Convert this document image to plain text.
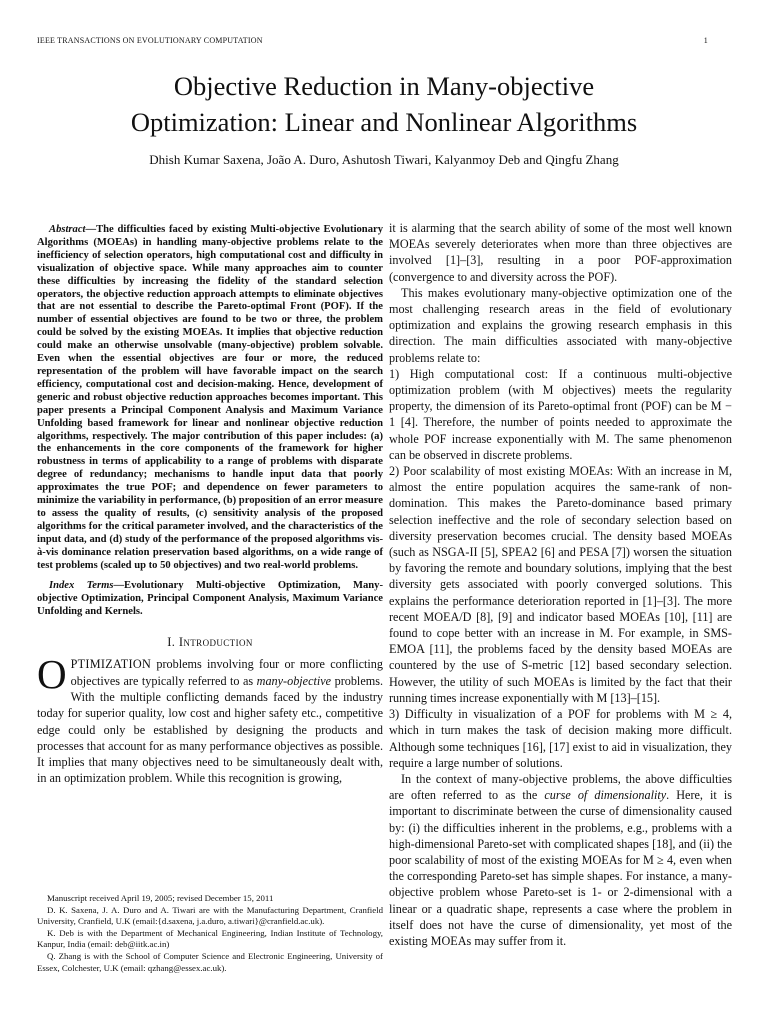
IEEE TRANSACTIONS ON EVOLUTIONARY COMPUTATION	1
Objective Reduction in Many-objective
Optimization: Linear and Nonlinear Algorithms
Dhish Kumar Saxena, João A. Duro, Ashutosh Tiwari, Kalyanmoy Deb and Qingfu Zhang

Abstract—The difficulties faced by existing Multi-objective Evolutionary Algorithms (MOEAs) in handling many-objective problems relate to the inefficiency of selection operators, high computational cost and difficulty in visualization of objective space. While many approaches aim to counter these difficulties by increasing the fidelity of the standard selection operators, the objective reduction approach attempts to eliminate objectives that are not essential to describe the Pareto-optimal Front (POF). If the number of essential objectives are found to be two or three, the problem could be solved by the existing MOEAs. It implies that objective reduction could make an otherwise unsolvable (many-objective) problem solvable. Even when the essential objectives are four or more, the reduced representation of the problem will have favorable impact on the search efficiency, computational cost and decision-making. Hence, development of generic and robust objective reduction approaches becomes important. This paper presents a Principal Component Analysis and Maximum Variance Unfolding based framework for linear and nonlinear objective reduction algorithms, respectively. The major contribution of this paper includes: (a) the enhancements in the core components of the framework for higher robustness in terms of applicability to a range of problems with disparate degree of redundancy; mechanisms to handle input data that poorly approximates the true POF; and dependence on fewer parameters to minimize the variability in performance, (b) proposition of an error measure to assess the quality of results, (c) sensitivity analysis of the proposed algorithms for the critical parameter involved, and the characteristics of the input data, and (d) study of the performance of the proposed algorithms vis-à-vis dominance relation preservation based algorithms, on a wide range of test problems (scaled up to 50 objectives) and two real-world problems.

Index Terms—Evolutionary Multi-objective Optimization, Many-objective Optimization, Principal Component Analysis, Maximum Variance Unfolding and Kernels.

I. Introduction

OPTIMIZATION problems involving four or more conflicting objectives are typically referred to as many-objective problems. With the multiple conflicting demands faced by the industry today for superior quality, low cost and higher safety etc., competitive edge could only be established by designing the products and processes that account for as many performance objectives as possible. It implies that many objectives need to be simultaneously dealt with, in an optimization problem. While this recognition is growing,

Manuscript received April 19, 2005; revised December 15, 2011

D. K. Saxena, J. A. Duro and A. Tiwari are with the Manufacturing Department, Cranfield University, Cranfield, U.K (email:{d.saxena, j.a.duro, a.tiwari}@cranfield.ac.uk).

K. Deb is with the Department of Mechanical Engineering, Indian Institute of Technology, Kanpur, India (email: deb@iitk.ac.in)

Q. Zhang is with the School of Computer Science and Electronic Engineering, University of Essex, Colchester, U.K (email: qzhang@essex.ac.uk).

it is alarming that the search ability of some of the most well known MOEAs severely deteriorates when more than three objectives are involved [1]–[3], resulting in a poor POF-approximation (convergence to and diversity across the POF).

This makes evolutionary many-objective optimization one of the most challenging research areas in the field of evolutionary optimization and explains the growing research emphasis in this direction. The main difficulties associated with many-objective problems relate to:

1) High computational cost: If a continuous multi-objective optimization problem (with M objectives) meets the regularity property, the dimension of its Pareto-optimal front (POF) can be M − 1 [4]. Therefore, the number of points needed to approximate the whole POF increase exponentially with M. The same phenomenon can be observed in discrete problems.

2) Poor scalability of most existing MOEAs: With an increase in M, almost the entire population acquires the same-rank of non-domination. This makes the Pareto-dominance based primary selection ineffective and the role of secondary selection based on diversity preservation becomes crucial. The density based MOEAs (such as NSGA-II [5], SPEA2 [6] and PESA [7]) worsen the situation by favoring the remote and boundary solutions, implying that the best diversity gets associated with poorly converged solutions. This explains the performance deterioration reported in [1]–[3]. The more recent MOEA/D [8], [9] and indicator based MOEAs [10], [11] are found to cope better with an increase in M. For example, in SMS-EMOA [11], the problems faced by the density based MOEAs are countered by the use of S-metric [12] based secondary selection. However, the utility of such MOEAs is limited by the fact that their running times increase exponentially with M [13]–[15].

3) Difficulty in visualization of a POF for problems with M ≥ 4, which in turn makes the task of decision making more difficult. Although some techniques [16], [17] exist to aid in visualization, they require a large number of solutions.

In the context of many-objective problems, the above difficulties are often referred to as the curse of dimensionality. Here, it is important to discriminate between the curse of dimensionality caused by: (i) the difficulties inherent in the problems, e.g., problems with a high-dimensional Pareto-set with complicated shapes [18], and (ii) the poor scalability of most of the existing MOEAs for M ≥ 4, even when the corresponding Pareto-set has simple shapes. For instance, a many-objective problem whose Pareto-set is 1- or 2-dimensional with a linear or a quadratic shape, represents a case where the problem in itself does not have the curse of dimensionality, yet most of the existing MOEAs may suffer from it.
